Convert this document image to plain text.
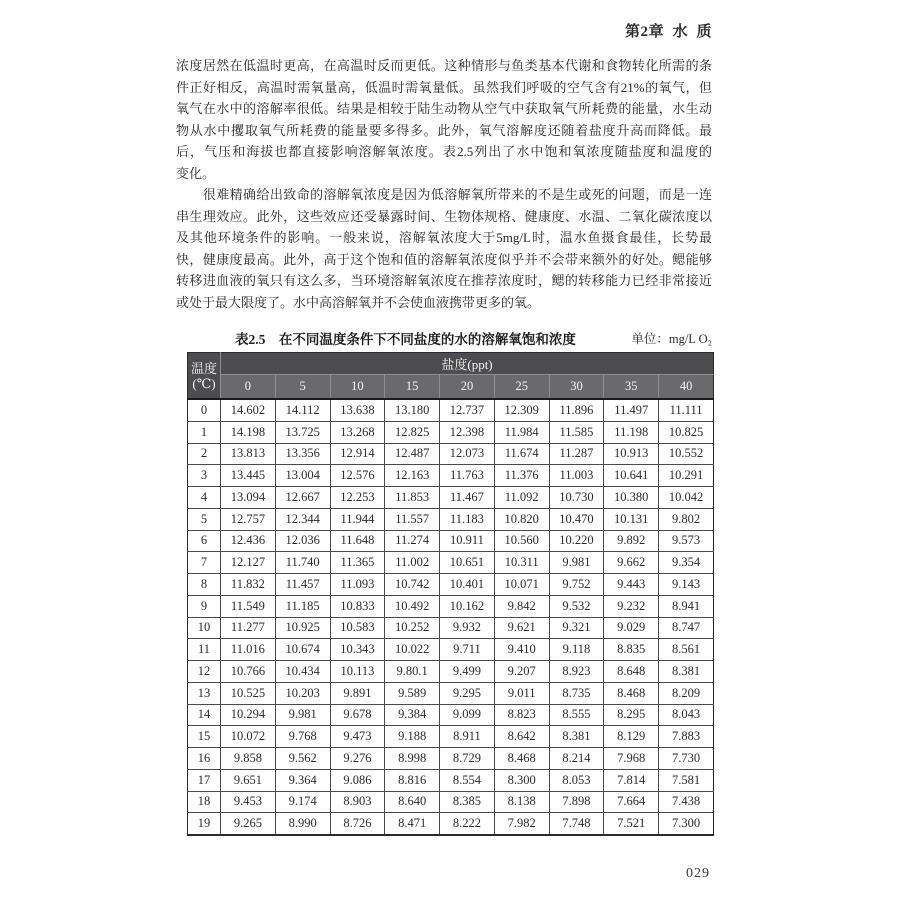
第2章  水  质
浓度居然在低温时更高，在高温时反而更低。这种情形与鱼类基本代谢和食物转化所需的条
件正好相反，高温时需氧量高，低温时需氧量低。虽然我们呼吸的空气含有21%的氧气，但
氧气在水中的溶解率很低。结果是相较于陆生动物从空气中获取氧气所耗费的能量，水生动
物从水中攫取氧气所耗费的能量要多得多。此外，氧气溶解度还随着盐度升高而降低。最
后，气压和海拔也都直接影响溶解氧浓度。表2.5列出了水中饱和氧浓度随盐度和温度的
变化。
　　很难精确给出致命的溶解氧浓度是因为低溶解氧所带来的不是生或死的问题，而是一连
串生理效应。此外，这些效应还受暴露时间、生物体规格、健康度、水温、二氧化碳浓度以
及其他环境条件的影响。一般来说，溶解氧浓度大于5mg/L时，温水鱼摄食最佳，长势最
快，健康度最高。此外，高于这个饱和值的溶解氧浓度似乎并不会带来额外的好处。鳃能够
转移进血液的氧只有这么多，当环境溶解氧浓度在推荐浓度时，鳃的转移能力已经非常接近
或处于最大限度了。水中高溶解氧并不会使血液携带更多的氧。
表2.5　在不同温度条件下不同盐度的水的溶解氧饱和浓度	单位：mg/L O₂
温度
(℃)	盐度(ppt)								
	0	5	10	15	20	25	30	35	40
0	14.602	14.112	13.638	13.180	12.737	12.309	11.896	11.497	11.111
1	14.198	13.725	13.268	12.825	12.398	11.984	11.585	11.198	10.825
2	13.813	13.356	12.914	12.487	12.073	11.674	11.287	10.913	10.552
3	13.445	13.004	12.576	12.163	11.763	11.376	11.003	10.641	10.291
4	13.094	12.667	12.253	11.853	11.467	11.092	10.730	10.380	10.042
5	12.757	12.344	11.944	11.557	11.183	10.820	10.470	10.131	9.802
6	12.436	12.036	11.648	11.274	10.911	10.560	10.220	9.892	9.573
7	12.127	11.740	11.365	11.002	10.651	10.311	9.981	9.662	9.354
8	11.832	11.457	11.093	10.742	10.401	10.071	9.752	9.443	9.143
9	11.549	11.185	10.833	10.492	10.162	9.842	9.532	9.232	8.941
10	11.277	10.925	10.583	10.252	9.932	9.621	9.321	9.029	8.747
11	11.016	10.674	10.343	10.022	9.711	9.410	9.118	8.835	8.561
12	10.766	10.434	10.113	9.80.1	9.499	9.207	8.923	8.648	8.381
13	10.525	10.203	9.891	9.589	9.295	9.011	8.735	8.468	8.209
14	10.294	9.981	9.678	9.384	9.099	8.823	8.555	8.295	8.043
15	10.072	9.768	9.473	9.188	8.911	8.642	8.381	8.129	7.883
16	9.858	9.562	9.276	8.998	8.729	8.468	8.214	7.968	7.730
17	9.651	9.364	9.086	8.816	8.554	8.300	8.053	7.814	7.581
18	9.453	9.174	8.903	8.640	8.385	8.138	7.898	7.664	7.438
19	9.265	8.990	8.726	8.471	8.222	7.982	7.748	7.521	7.300
029
